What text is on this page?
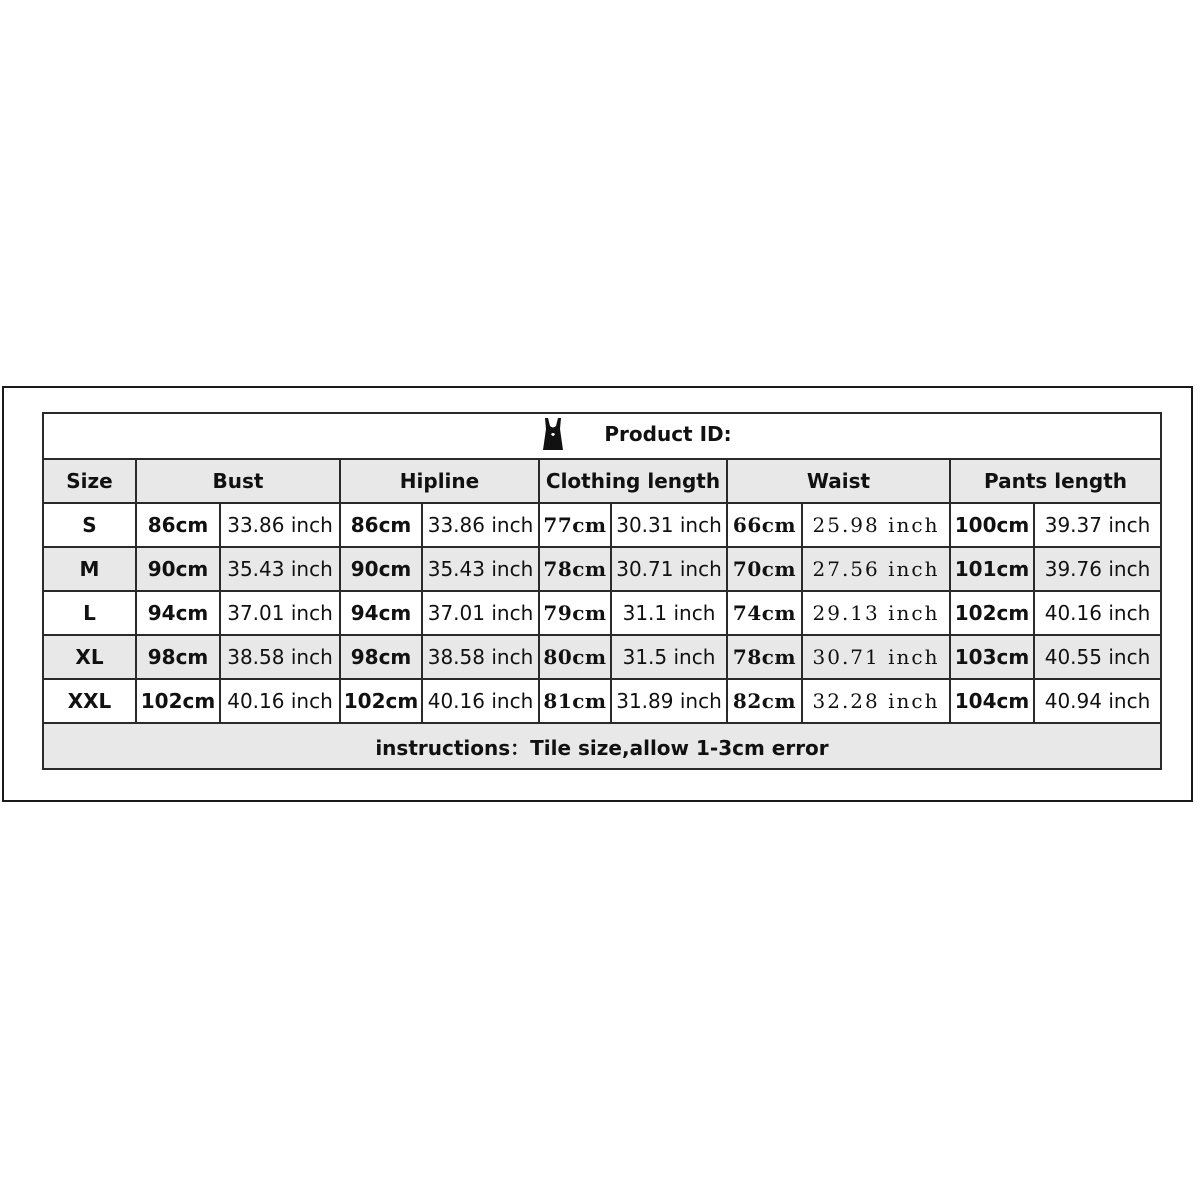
Product ID:										

Size	Bust		Hipline		Clothing length		Waist		Pants length	
S	86cm	33.86 inch	86cm	33.86 inch	77cm	30.31 inch	66cm	25.98 inch	100cm	39.37 inch
M	90cm	35.43 inch	90cm	35.43 inch	78cm	30.71 inch	70cm	27.56 inch	101cm	39.76 inch
L	94cm	37.01 inch	94cm	37.01 inch	79cm	31.1 inch	74cm	29.13 inch	102cm	40.16 inch
XL	98cm	38.58 inch	98cm	38.58 inch	80cm	31.5 inch	78cm	30.71 inch	103cm	40.55 inch
XXL	102cm	40.16 inch	102cm	40.16 inch	81cm	31.89 inch	82cm	32.28 inch	104cm	40.94 inch
instructions：Tile size,allow 1-3cm error										
